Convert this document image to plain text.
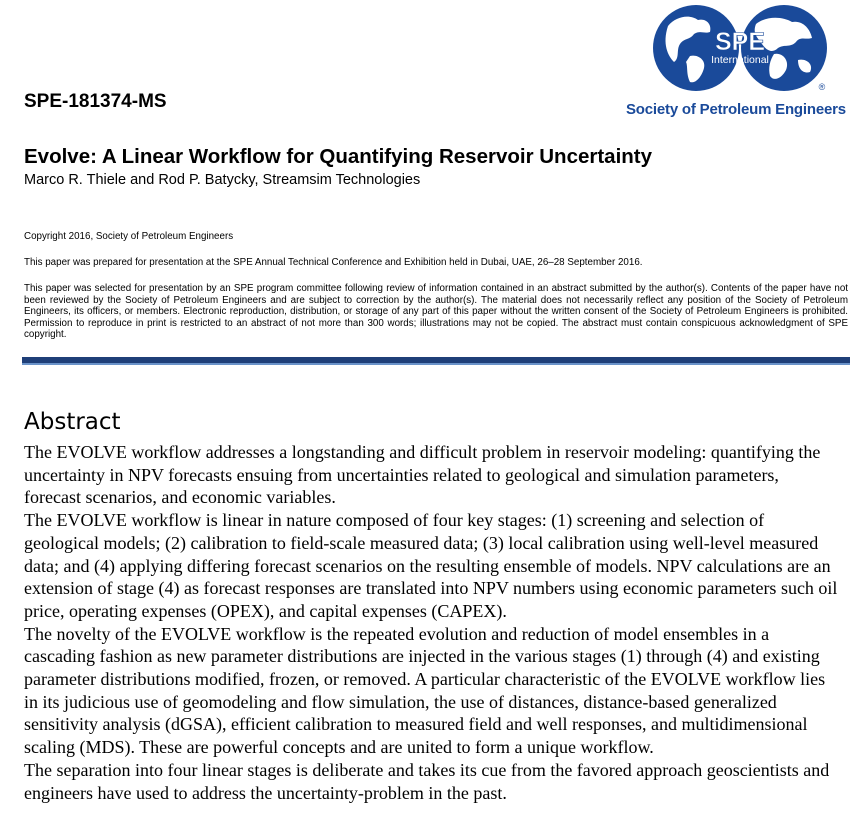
SPE-181374-MS
SPE
International
®
Society of Petroleum Engineers
Evolve: A Linear Workflow for Quantifying Reservoir Uncertainty
Marco R. Thiele and Rod P. Batycky, Streamsim Technologies
Copyright 2016, Society of Petroleum Engineers
This paper was prepared for presentation at the SPE Annual Technical Conference and Exhibition held in Dubai, UAE, 26–28 September 2016.
This paper was selected for presentation by an SPE program committee following review of information contained in an abstract submitted by the author(s). Contents of the paper have not been reviewed by the Society of Petroleum Engineers and are subject to correction by the author(s). The material does not necessarily reflect any position of the Society of Petroleum Engineers, its officers, or members. Electronic reproduction, distribution, or storage of any part of this paper without the written consent of the Society of Petroleum Engineers is prohibited. Permission to reproduce in print is restricted to an abstract of not more than 300 words; illustrations may not be copied. The abstract must contain conspicuous acknowledgment of SPE copyright.
Abstract

The EVOLVE workflow addresses a longstanding and difficult problem in reservoir modeling: quantifying the uncertainty in NPV forecasts ensuing from uncertainties related to geological and simulation parameters, forecast scenarios, and economic variables.

The EVOLVE workflow is linear in nature composed of four key stages: (1) screening and selection of geological models; (2) calibration to field-scale measured data; (3) local calibration using well-level measured data; and (4) applying differing forecast scenarios on the resulting ensemble of models. NPV calculations are an extension of stage (4) as forecast responses are translated into NPV numbers using economic parameters such oil price, operating expenses (OPEX), and capital expenses (CAPEX).

The novelty of the EVOLVE workflow is the repeated evolution and reduction of model ensembles in a cascading fashion as new parameter distributions are injected in the various stages (1) through (4) and existing parameter distributions modified, frozen, or removed. A particular characteristic of the EVOLVE workflow lies in its judicious use of geomodeling and flow simulation, the use of distances, distance-based generalized sensitivity analysis (dGSA), efficient calibration to measured field and well responses, and multidimensional scaling (MDS). These are powerful concepts and are united to form a unique workflow.

The separation into four linear stages is deliberate and takes its cue from the favored approach geoscientists and engineers have used to address the uncertainty-problem in the past.
